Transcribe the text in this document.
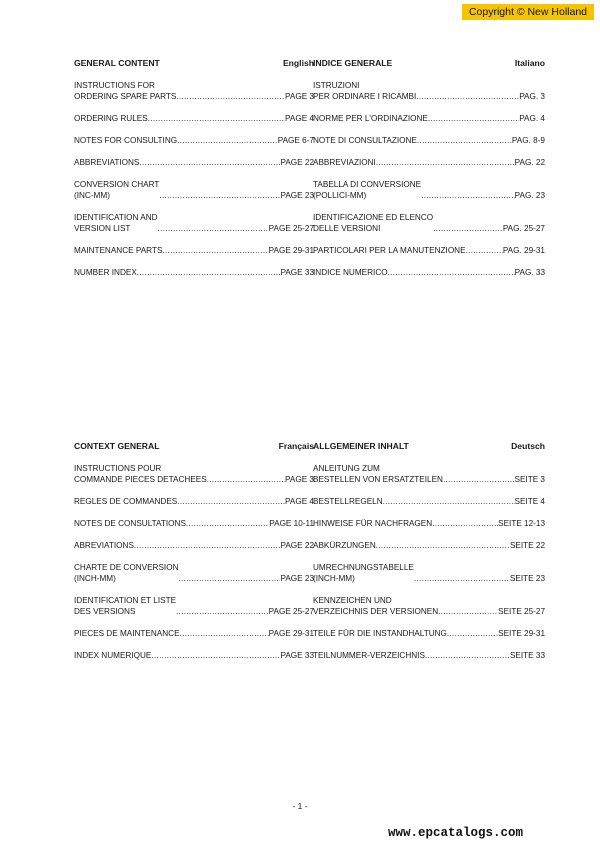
Copyright © New Holland
GENERAL CONTENT	English
INSTRUCTIONS FOR
ORDERING SPARE PARTS .....	PAGE 3
ORDERING RULES .....	PAGE 4
NOTES FOR CONSULTING .....	PAGE 6-7
ABBREVIATIONS .....	PAGE 22
CONVERSION CHART
(INC-MM) .....	PAGE 23
IDENTIFICATION AND
VERSION LIST .....	PAGE 25-27
MAINTENANCE PARTS .....	PAGE 29-31
NUMBER INDEX .....	PAGE 33
INDICE GENERALE	Italiano
ISTRUZIONI
PER ORDINARE I RICAMBI .....	PAG. 3
NORME PER L'ORDINAZIONE .....	PAG. 4
NOTE DI CONSULTAZIONE .....	PAG. 8-9
ABBREVIAZIONI .....	PAG. 22
TABELLA DI CONVERSIONE
(POLLICI-MM) .....	PAG. 23
IDENTIFICAZIONE ED ELENCO
DELLE VERSIONI .....	PAG. 25-27
PARTICOLARI PER LA MANUTENZIONE .....	PAG. 29-31
INDICE NUMERICO .....	PAG. 33
CONTEXT GENERAL	Français
INSTRUCTIONS POUR
COMMANDE PIECES DETACHEES .....	PAGE 3
REGLES DE COMMANDES .....	PAGE 4
NOTES DE CONSULTATIONS .....	PAGE 10-11
ABREVIATIONS .....	PAGE 22
CHARTE DE CONVERSION
(INCH-MM) .....	PAGE 23
IDENTIFICATION ET LISTE
DES VERSIONS .....	PAGE 25-27
PIECES DE MAINTENANCE .....	PAGE 29-31
INDEX NUMERIQUE .....	PAGE 33
ALLGEMEINER INHALT	Deutsch
ANLEITUNG ZUM
BESTELLEN VON ERSATZTEILEN .....	SEITE 3
BESTELLREGELN .....	SEITE 4
HINWEISE FÜR NACHFRAGEN .....	SEITE 12-13
ABKÜRZUNGEN .....	SEITE 22
UMRECHNUNGSTABELLE
(INCH-MM) .....	SEITE 23
KENNZEICHEN UND
VERZEICHNIS DER VERSIONEN .....	SEITE 25-27
TEILE FÜR DIE INSTANDHALTUNG .....	SEITE 29-31
TEILNUMMER-VERZEICHNIS .....	SEITE 33
- 1 -
www.epcatalogs.com
